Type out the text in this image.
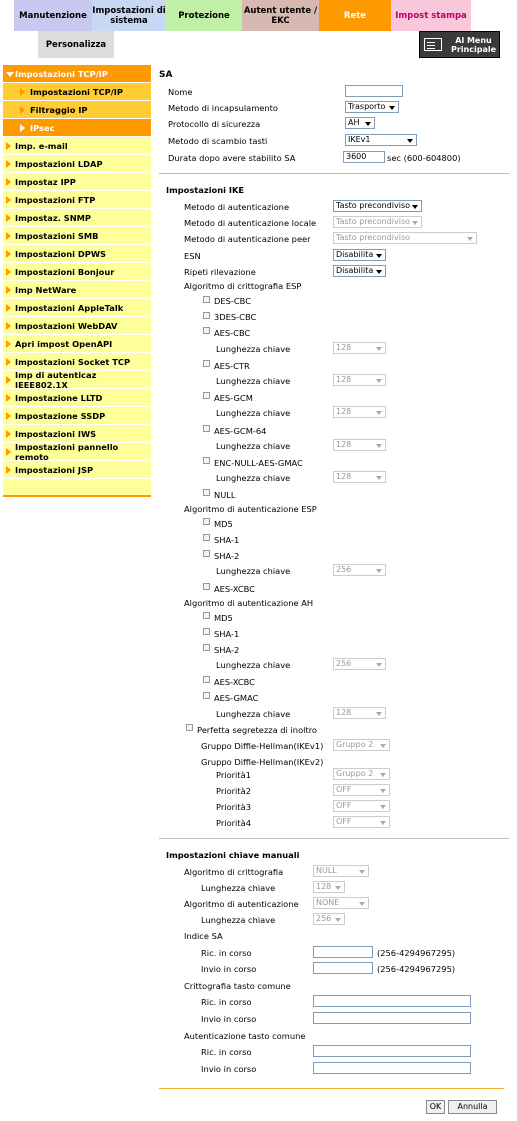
Manutenzione Impostazioni di sistema	Protezione	Autent utente / EKC	Rete	Impost stampa
Personalizza	Al Menu Principale
Impostazioni TCP/IP
Impostazioni TCP/IP
Filtraggio IP
IPsec
Imp. e-mail
Impostazioni LDAP
Impostaz IPP
Impostazioni FTP
Impostaz. SNMP
Impostazioni SMB
Impostazioni DPWS
Impostazioni Bonjour
Imp NetWare
Impostazioni AppleTalk
Impostazioni WebDAV
Apri impost OpenAPI
Impostazioni Socket TCP
Imp di autenticaz IEEE802.1X
Impostazione LLTD
Impostazione SSDP
Impostazioni IWS
Impostazioni pannello remoto
Impostazioni JSP
SA
Nome
Metodo di incapsulamento	Trasporto
Protocollo di sicurezza	AH
Metodo di scambio tasti	IKEv1
Durata dopo avere stabilito SA	3600	sec (600-604800)
Impostazioni IKE
Metodo di autenticazione	Tasto precondiviso
Metodo di autenticazione locale	Tasto precondiviso
Metodo di autenticazione peer	Tasto precondiviso
ESN	Disabilita
Ripeti rilevazione	Disabilita
Algoritmo di crittografia ESP
DES-CBC
3DES-CBC
AES-CBC
Lunghezza chiave	128
AES-CTR
Lunghezza chiave	128
AES-GCM
Lunghezza chiave	128
AES-GCM-64
Lunghezza chiave	128
ENC-NULL-AES-GMAC
Lunghezza chiave	128
NULL
Algoritmo di autenticazione ESP
MD5
SHA-1
SHA-2
Lunghezza chiave	256
AES-XCBC
Algoritmo di autenticazione AH
MD5
SHA-1
SHA-2
Lunghezza chiave	256
AES-XCBC
AES-GMAC
Lunghezza chiave	128
Perfetta segretezza di inoltro
Gruppo Diffie-Hellman(IKEv1)	Gruppo 2
Gruppo Diffie-Hellman(IKEv2)
Priorità1	Gruppo 2
Priorità2	OFF
Priorità3	OFF
Priorità4	OFF
Impostazioni chiave manuali
Algoritmo di crittografia	NULL
Lunghezza chiave	128
Algoritmo di autenticazione	NONE
Lunghezza chiave	256
Indice SA
Ric. in corso	(256-4294967295)
Invio in corso	(256-4294967295)
Crittografia tasto comune
Ric. in corso
Invio in corso
Autenticazione tasto comune
Ric. in corso
Invio in corso
OK	Annulla
